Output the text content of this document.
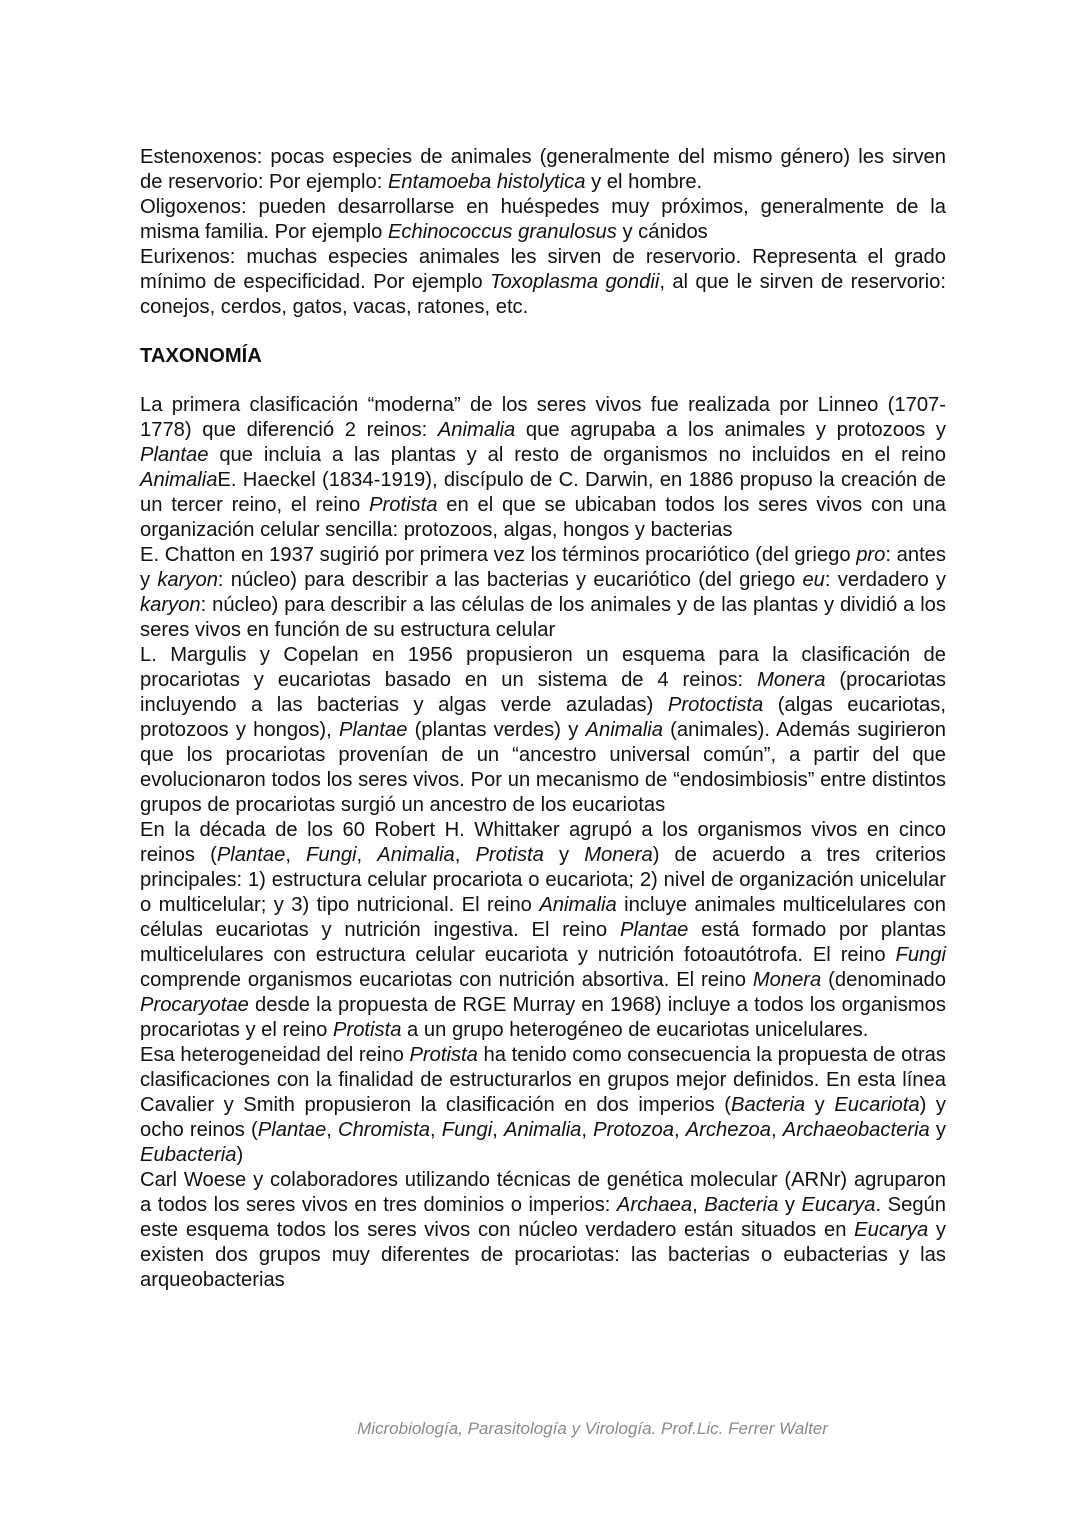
Estenoxenos: pocas especies de animales (generalmente del mismo género) les sirven de reservorio: Por ejemplo: Entamoeba histolytica y el hombre.

Oligoxenos: pueden desarrollarse en huéspedes muy próximos, generalmente de la misma familia. Por ejemplo Echinococcus granulosus y cánidos

Eurixenos: muchas especies animales les sirven de reservorio. Representa el grado mínimo de especificidad. Por ejemplo Toxoplasma gondii, al que le sirven de reservorio: conejos, cerdos, gatos, vacas, ratones, etc.

TAXONOMÍA

La primera clasificación “moderna” de los seres vivos fue realizada por Linneo (1707-1778) que diferenció 2 reinos: Animalia que agrupaba a los animales y protozoos y Plantae que incluia a las plantas y al resto de organismos no incluidos en el reino AnimaliaE. Haeckel (1834-1919), discípulo de C. Darwin, en 1886 propuso la creación de un tercer reino, el reino Protista en el que se ubicaban todos los seres vivos con una organización celular sencilla: protozoos, algas, hongos y bacterias

E. Chatton en 1937 sugirió por primera vez los términos procariótico (del griego pro: antes y karyon: núcleo) para describir a las bacterias y eucariótico (del griego eu: verdadero y karyon: núcleo) para describir a las células de los animales y de las plantas y dividió a los seres vivos en función de su estructura celular

L. Margulis y Copelan en 1956 propusieron un esquema para la clasificación de procariotas y eucariotas basado en un sistema de 4 reinos: Monera (procariotas incluyendo a las bacterias y algas verde azuladas) Protoctista (algas eucariotas, protozoos y hongos), Plantae (plantas verdes) y Animalia (animales). Además sugirieron que los procariotas provenían de un “ancestro universal común”, a partir del que evolucionaron todos los seres vivos. Por un mecanismo de “endosimbiosis” entre distintos grupos de procariotas surgió un ancestro de los eucariotas

En la década de los 60 Robert H. Whittaker agrupó a los organismos vivos en cinco reinos (Plantae, Fungi, Animalia, Protista y Monera) de acuerdo a tres criterios principales: 1) estructura celular procariota o eucariota; 2) nivel de organización unicelular o multicelular; y 3) tipo nutricional. El reino Animalia incluye animales multicelulares con células eucariotas y nutrición ingestiva. El reino Plantae está formado por plantas multicelulares con estructura celular eucariota y nutrición fotoautótrofa. El reino Fungi comprende organismos eucariotas con nutrición absortiva. El reino Monera (denominado Procaryotae desde la propuesta de RGE Murray en 1968) incluye a todos los organismos procariotas y el reino Protista a un grupo heterogéneo de eucariotas unicelulares.

Esa heterogeneidad del reino Protista ha tenido como consecuencia la propuesta de otras clasificaciones con la finalidad de estructurarlos en grupos mejor definidos. En esta línea Cavalier y Smith propusieron la clasificación en dos imperios (Bacteria y Eucariota) y ocho reinos (Plantae, Chromista, Fungi, Animalia, Protozoa, Archezoa, Archaeobacteria y Eubacteria)

Carl Woese y colaboradores utilizando técnicas de genética molecular (ARNr) agruparon a todos los seres vivos en tres dominios o imperios: Archaea, Bacteria y Eucarya. Según este esquema todos los seres vivos con núcleo verdadero están situados en Eucarya y existen dos grupos muy diferentes de procariotas: las bacterias o eubacterias y las arqueobacterias

Microbiología, Parasitología y Virología. Prof.Lic. Ferrer Walter
